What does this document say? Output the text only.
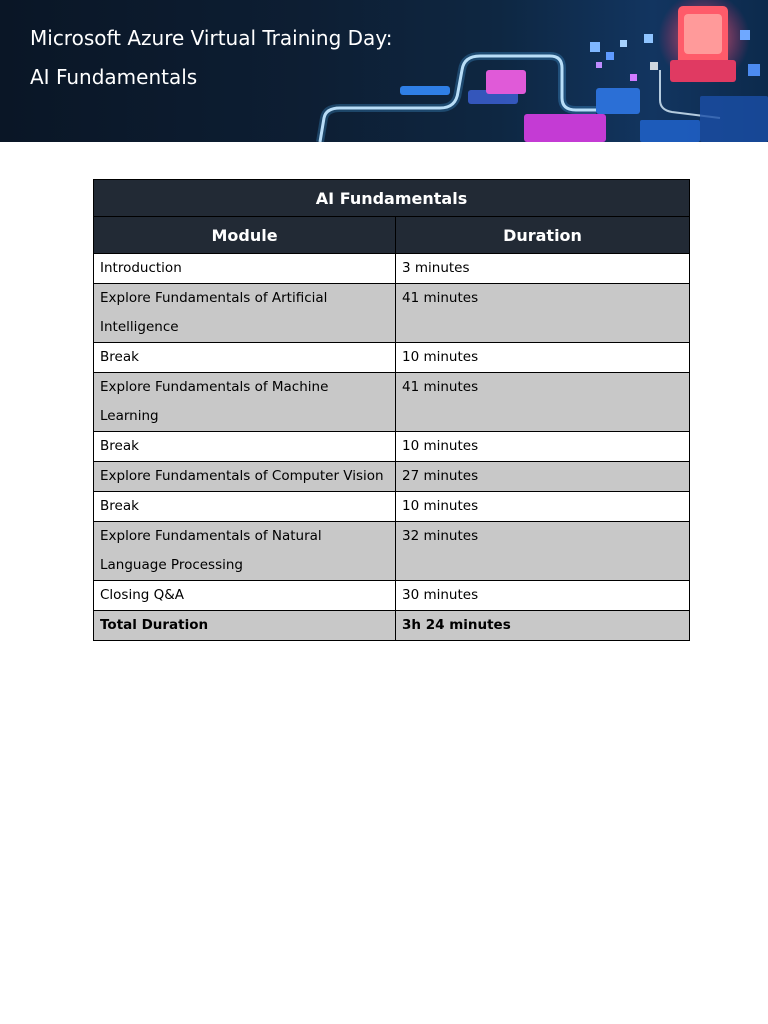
Microsoft Azure Virtual Training Day:
AI Fundamentals
AI Fundamentals	
Module	Duration
Introduction	3 minutes
Explore Fundamentals of Artificial Intelligence	41 minutes
Break	10 minutes
Explore Fundamentals of Machine Learning	41 minutes
Break	10 minutes
Explore Fundamentals of Computer Vision	27 minutes
Break	10 minutes
Explore Fundamentals of Natural Language Processing	32 minutes
Closing Q&A	30 minutes
Total Duration	3h 24 minutes
